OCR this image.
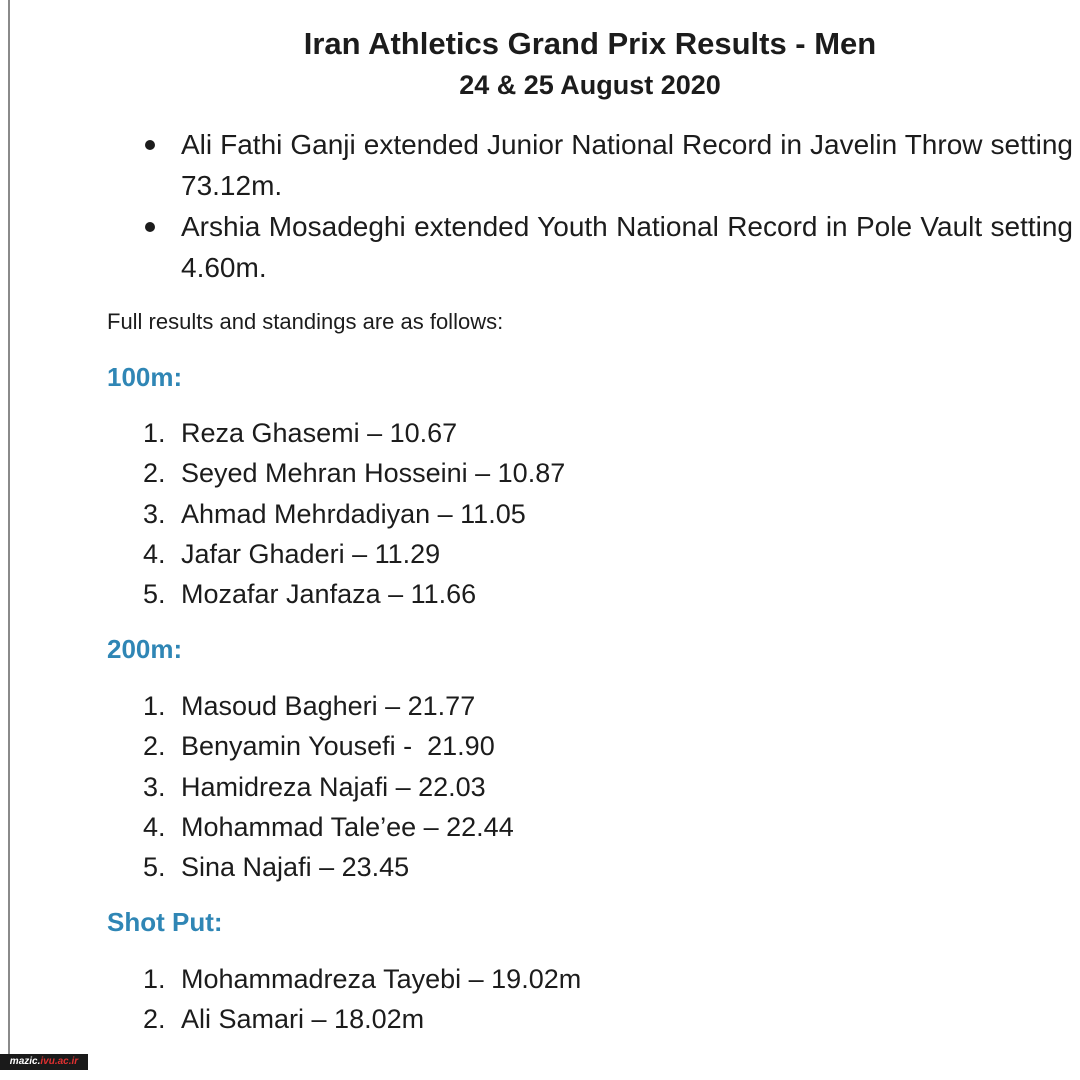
Iran Athletics Grand Prix Results - Men
24 & 25 August 2020
Ali Fathi Ganji extended Junior National Record in Javelin Throw setting 73.12m.
Arshia Mosadeghi extended Youth National Record in Pole Vault setting 4.60m.
Full results and standings are as follows:
100m:
1. Reza Ghasemi – 10.67
2. Seyed Mehran Hosseini – 10.87
3. Ahmad Mehrdadiyan – 11.05
4. Jafar Ghaderi – 11.29
5. Mozafar Janfaza – 11.66
200m:
1. Masoud Bagheri – 21.77
2. Benyamin Yousefi -  21.90
3. Hamidreza Najafi – 22.03
4. Mohammad Tale’ee – 22.44
5. Sina Najafi – 23.45
Shot Put:
1. Mohammadreza Tayebi – 19.02m
2. Ali Samari – 18.02m
mazic.ivu.ac.ir
